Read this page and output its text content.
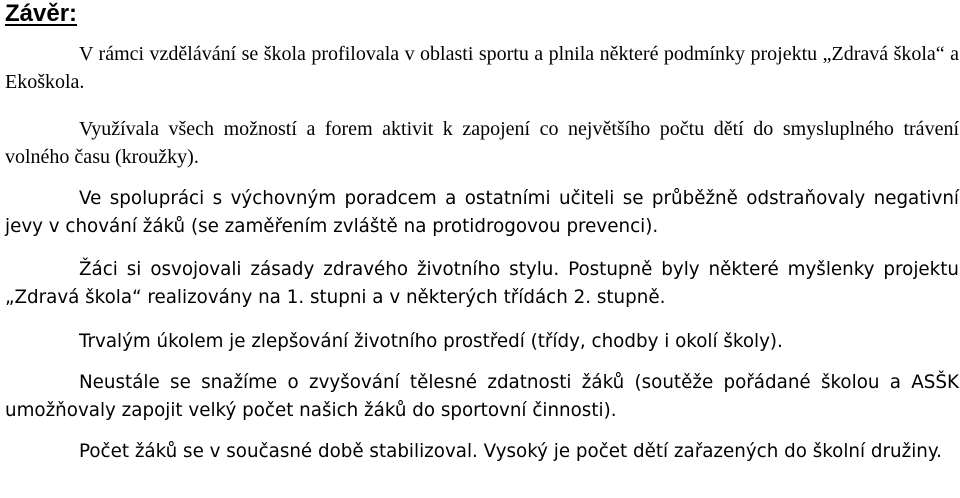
Závěr:

V rámci vzdělávání se škola profilovala v oblasti sportu a plnila některé podmínky projektu „Zdravá škola“ a Ekoškola.

Využívala všech možností a forem aktivit k zapojení co největšího počtu dětí do smysluplného trávení volného času (kroužky).

Ve spolupráci s výchovným poradcem a ostatními učiteli se průběžně odstraňovaly negativní jevy v chování žáků (se zaměřením zvláště na protidrogovou prevenci).

Žáci si osvojovali zásady zdravého životního stylu. Postupně byly některé myšlenky projektu „Zdravá škola“ realizovány na 1. stupni a v některých třídách 2. stupně.

Trvalým úkolem je zlepšování životního prostředí (třídy, chodby i okolí školy).

Neustále se snažíme o zvyšování tělesné zdatnosti žáků (soutěže pořádané školou a ASŠK umožňovaly zapojit velký počet našich žáků do sportovní činnosti).

Počet žáků se v současné době stabilizoval. Vysoký je počet dětí zařazených do školní družiny.
